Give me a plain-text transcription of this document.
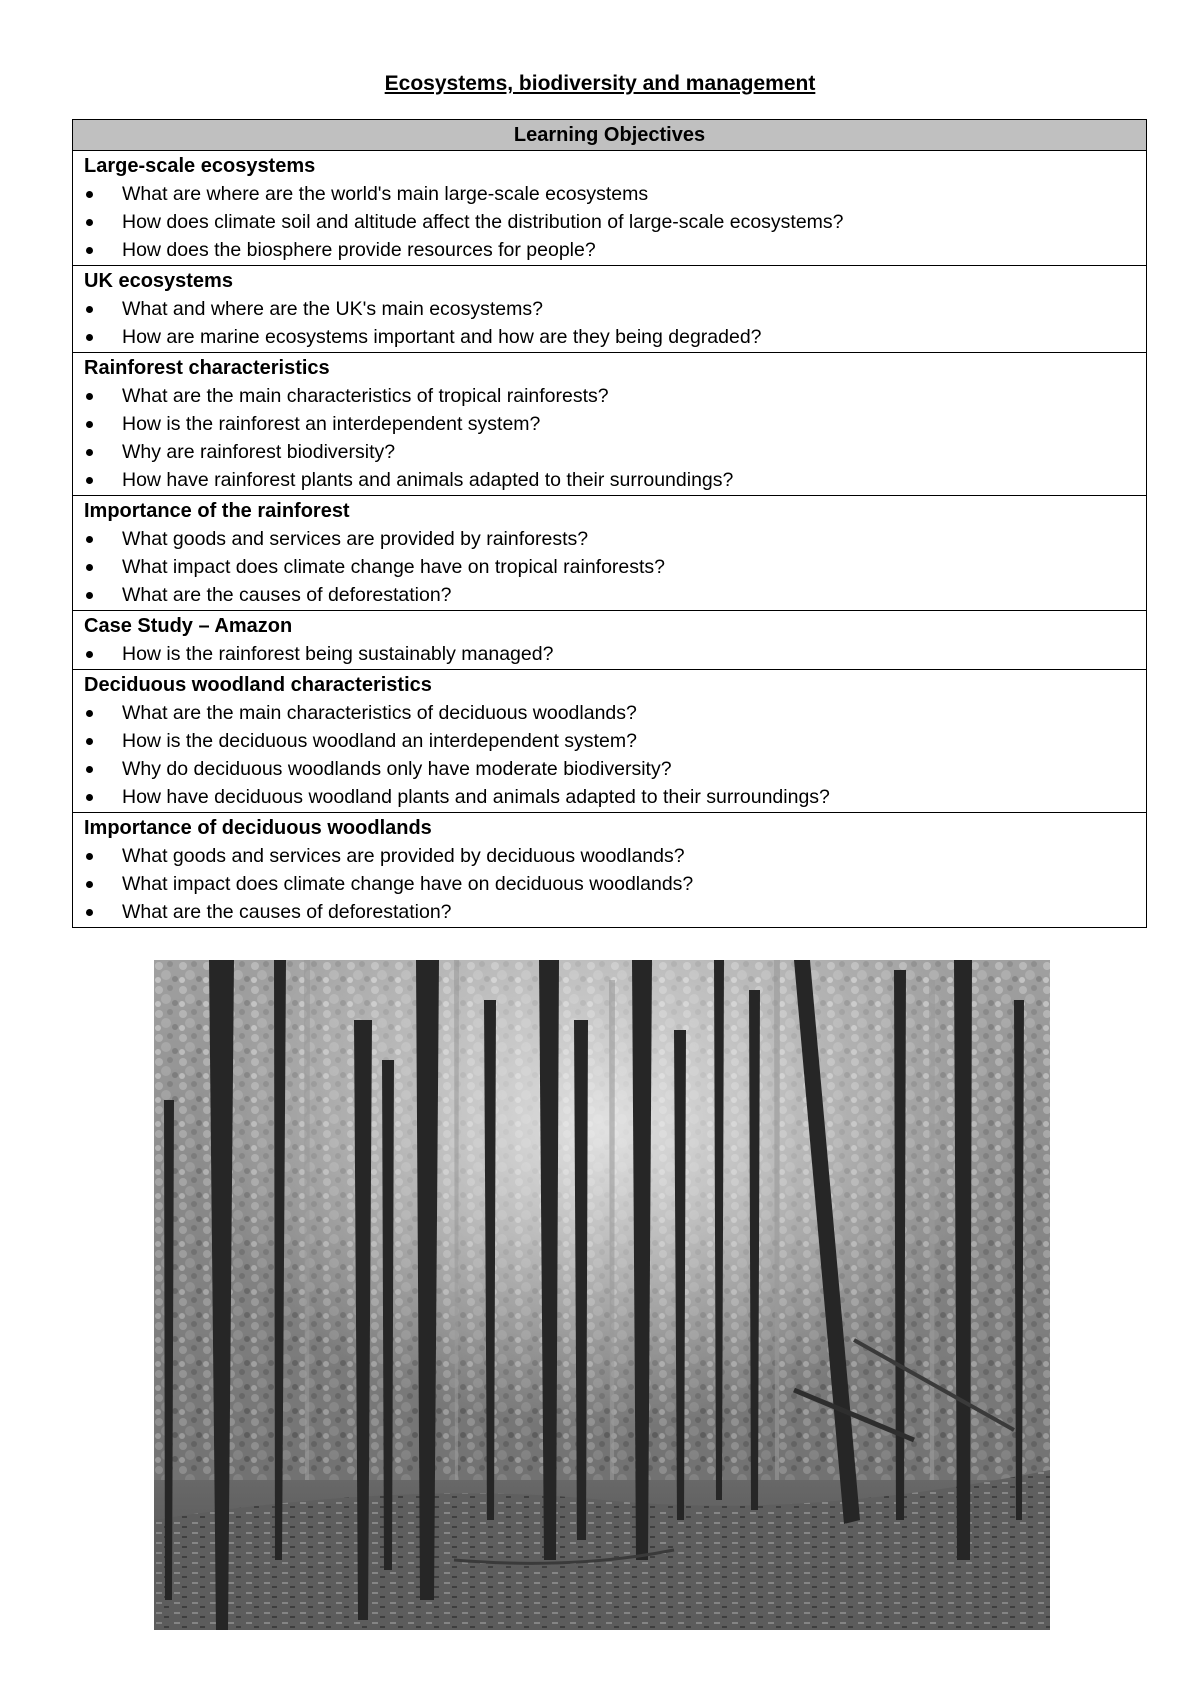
Ecosystems, biodiversity and management
Learning Objectives

Large-scale ecosystems
What are where are the world's main large-scale ecosystems
How does climate soil and altitude affect the distribution of large-scale ecosystems?
How does the biosphere provide resources for people?

UK ecosystems
What and where are the UK's main ecosystems?
How are marine ecosystems important and how are they being degraded?

Rainforest characteristics
What are the main characteristics of tropical rainforests?
How is the rainforest an interdependent system?
Why are rainforest biodiversity?
How have rainforest plants and animals adapted to their surroundings?

Importance of the rainforest
What goods and services are provided by rainforests?
What impact does climate change have on tropical rainforests?
What are the causes of deforestation?

Case Study – Amazon
How is the rainforest being sustainably managed?

Deciduous woodland characteristics
What are the main characteristics of deciduous woodlands?
How is the deciduous woodland an interdependent system?
Why do deciduous woodlands only have moderate biodiversity?
How have deciduous woodland plants and animals adapted to their surroundings?

Importance of deciduous woodlands
What goods and services are provided by deciduous woodlands?
What impact does climate change have on deciduous woodlands?
What are the causes of deforestation?
